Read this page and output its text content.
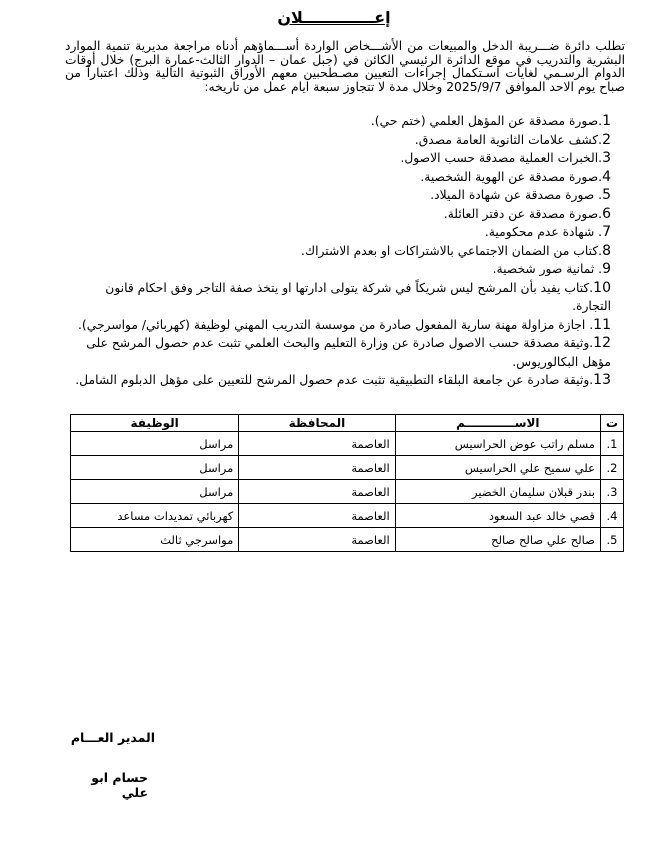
إعـــــــــــــلان
تطلب دائرة ضـــريبة الدخل والمبيعات من الأشـــخاص الواردة أســـماؤهم أدناه مراجعة مديرية تنمية الموارد البشرية والتدريب في موقع الدائرة الرئيسي الكائن في (جبل عمان – الدوار الثالث-عمارة البرج) خلال أوقات الدوام الرسـمي لغايات اسـتكمال إجراءات التعيين مصـطحبين معهم الأوراق الثبوتية التالية وذلك اعتباراً من صباح يوم الاحد الموافق 2025/9/7 وخلال مدة لا تتجاوز سبعة ايام عمل من تاريخه:
1.صورة مصدقة عن المؤهل العلمي (ختم حي).
2.كشف علامات الثانوية العامة مصدق.
3.الخبرات العملية مصدقة حسب الاصول.
4.صورة مصدقة عن الهوية الشخصية.
5. صورة مصدقة عن شهادة الميلاد.
6.صورة مصدقة عن دفتر العائلة.
7. شهادة عدم محكومية.
8.كتاب من الضمان الاجتماعي بالاشتراكات او بعدم الاشتراك.
9. ثمانية صور شخصية.
10.كتاب يفيد بأن المرشح ليس شريكاً في شركة يتولى ادارتها او يتخذ صفة التاجر وفق احكام قانون التجارة.
11. اجازة مزاولة مهنة سارية المفعول صادرة من موسسة التدريب المهني لوظيفة (كهربائي/ مواسرجي).
12.وثيقة مصدقة حسب الاصول صادرة عن وزارة التعليم والبحث العلمي تثبت عدم حصول المرشح على مؤهل البكالوريوس.
13.وثيقة صادرة عن جامعة البلقاء التطبيقية تثبت عدم حصول المرشح للتعيين على مؤهل الدبلوم الشامل.
ت	الاســــــــــــم	المحافظة	الوظيفة
1.	مسلم راتب عوض الحراسيس	العاصمة	مراسل
2.	علي سميح علي الحراسيس	العاصمة	مراسل
3.	بندر قبلان سليمان الخضير	العاصمة	مراسل
4.	قصي خالد عبد السعود	العاصمة	كهربائي تمديدات مساعد
5.	صالح علي صالح صالح	العاصمة	مواسرجي ثالث
المدير العـــام
حسام ابو علي
